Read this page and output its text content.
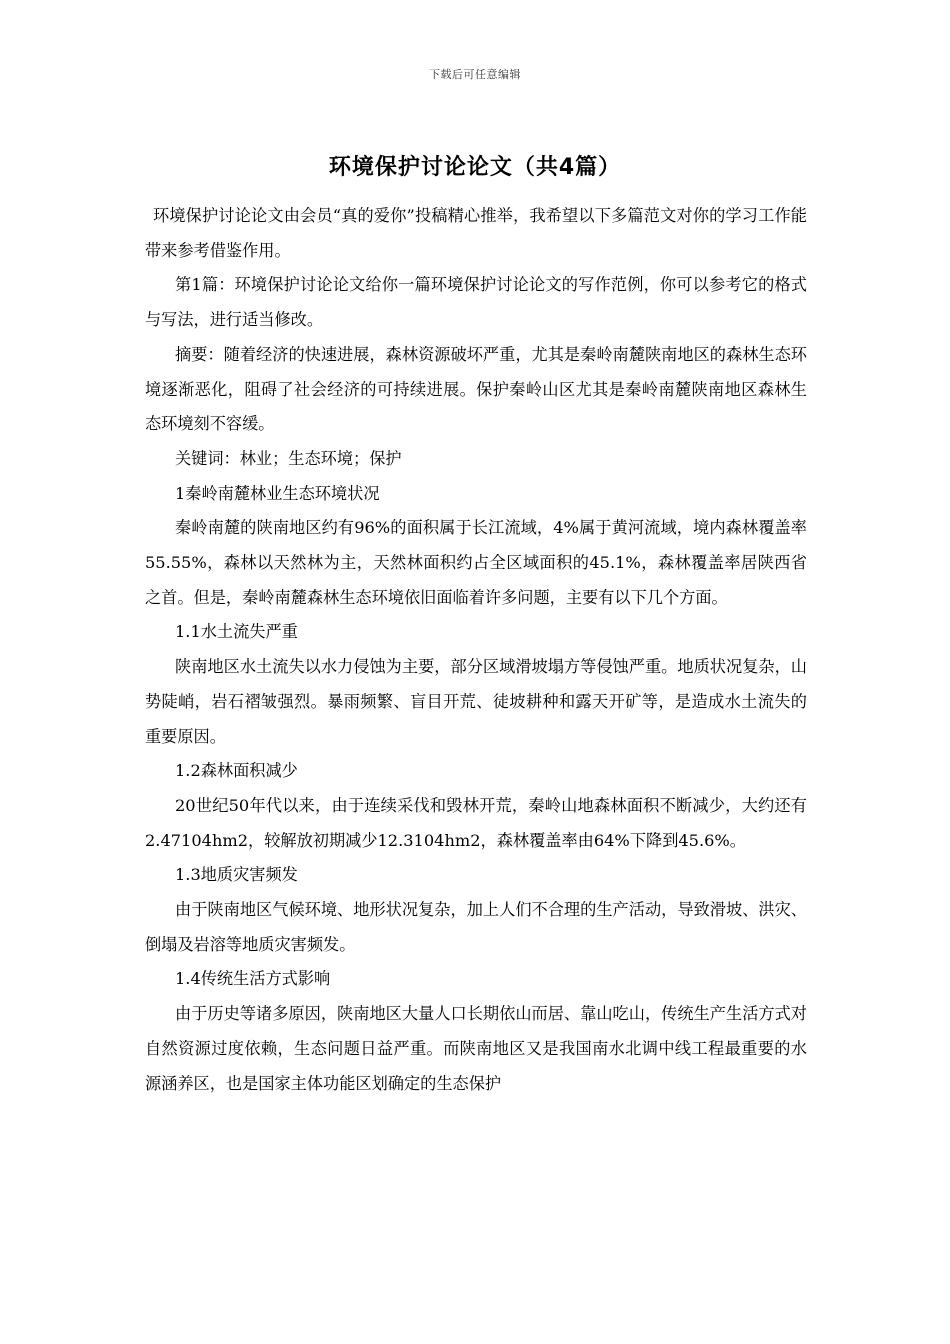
下载后可任意编辑
环境保护讨论论文（共4篇）

环境保护讨论论文由会员“真的爱你”投稿精心推举，我希望以下多篇范文对你的学习工作能带来参考借鉴作用。

第1篇：环境保护讨论论文给你一篇环境保护讨论论文的写作范例，你可以参考它的格式与写法，进行适当修改。

摘要：随着经济的快速进展，森林资源破坏严重，尤其是秦岭南麓陕南地区的森林生态环境逐渐恶化，阻碍了社会经济的可持续进展。保护秦岭山区尤其是秦岭南麓陕南地区森林生态环境刻不容缓。

关键词：林业；生态环境；保护

1秦岭南麓林业生态环境状况

秦岭南麓的陕南地区约有96%的面积属于长江流域，4%属于黄河流域，境内森林覆盖率55.55%，森林以天然林为主，天然林面积约占全区域面积的45.1%，森林覆盖率居陕西省之首。但是，秦岭南麓森林生态环境依旧面临着许多问题，主要有以下几个方面。

1.1水土流失严重

陕南地区水土流失以水力侵蚀为主要，部分区域滑坡塌方等侵蚀严重。地质状况复杂，山势陡峭，岩石褶皱强烈。暴雨频繁、盲目开荒、徒坡耕种和露天开矿等，是造成水土流失的重要原因。

1.2森林面积减少

20世纪50年代以来，由于连续采伐和毁林开荒，秦岭山地森林面积不断减少，大约还有2.47104hm2，较解放初期减少12.3104hm2，森林覆盖率由64%下降到45.6%。

1.3地质灾害频发

由于陕南地区气候环境、地形状况复杂，加上人们不合理的生产活动，导致滑坡、洪灾、倒塌及岩溶等地质灾害频发。

1.4传统生活方式影响

由于历史等诸多原因，陕南地区大量人口长期依山而居、靠山吃山，传统生产生活方式对自然资源过度依赖，生态问题日益严重。而陕南地区又是我国南水北调中线工程最重要的水源涵养区，也是国家主体功能区划确定的生态保护
